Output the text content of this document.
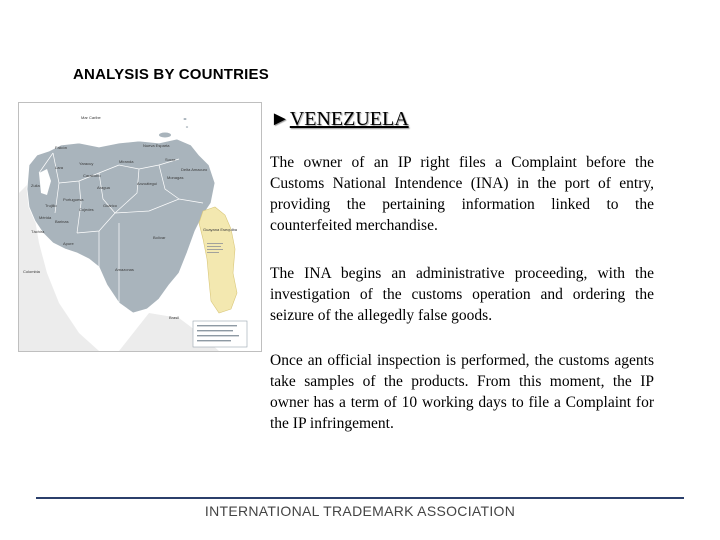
ANALYSIS BY COUNTRIES
Mar Caribe
Nueva Esparta
Falcón
Zulia
Lara
Yaracuy
Carabobo
Aragua
Miranda
Anzoátegui
Sucre
Monagas
Delta Amacuro
Trujillo
Mérida
Táchira
Barinas
Portuguesa
Cojedes
Guárico
Apure
Bolívar
Amazonas
Colombia
Brasil
Guayana Esequiba
►VENEZUELA

The owner of an IP right files a Complaint before the Customs National Intendence (INA) in the port of entry, providing the pertaining information linked to the counterfeited merchandise.

The INA begins an administrative proceeding, with the investigation of the customs operation and ordering the seizure of the allegedly false goods.

Once an official inspection is performed, the customs agents take samples of the products. From this moment, the IP owner has a term of 10 working days to file a Complaint for the IP infringement.

INTERNATIONAL TRADEMARK ASSOCIATION
